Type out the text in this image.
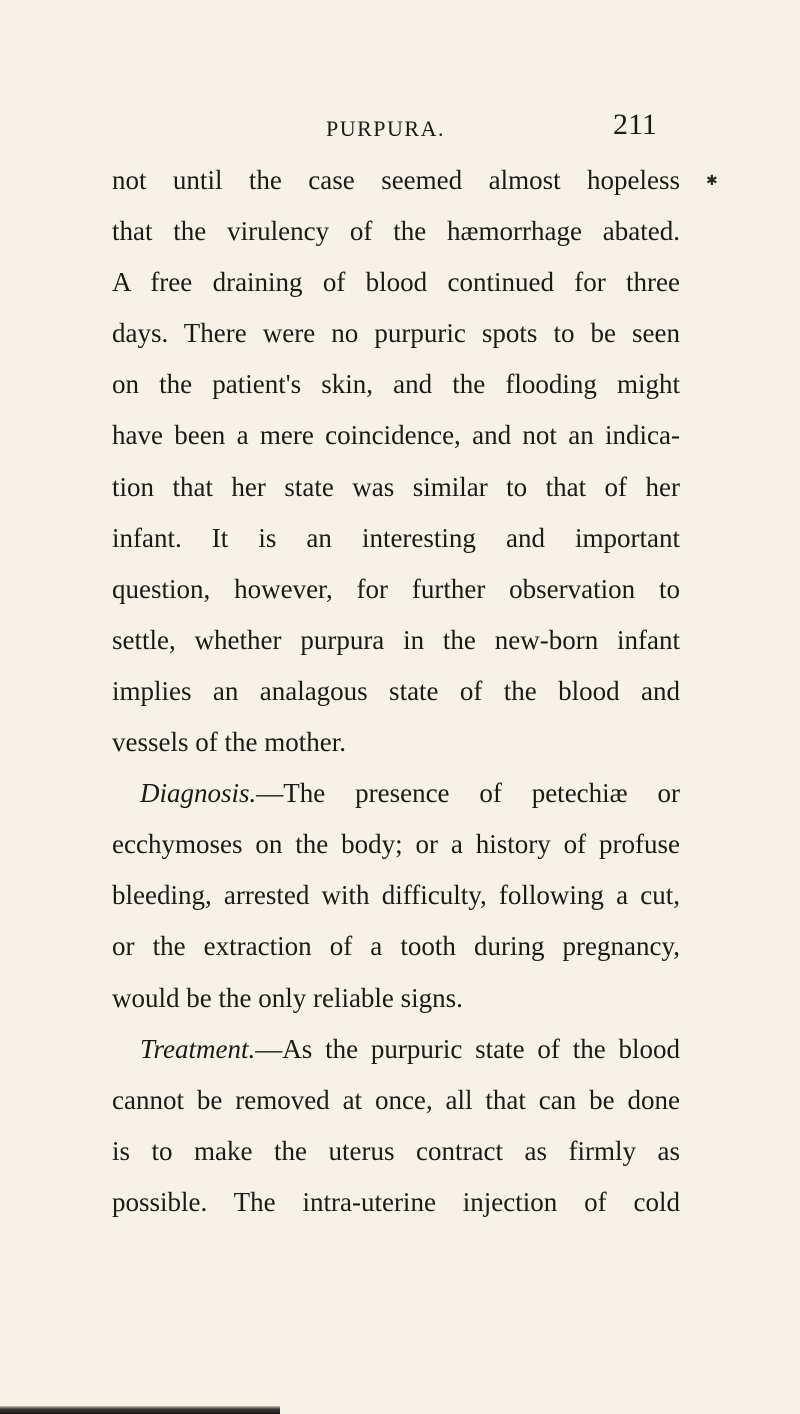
PURPURA.	211
✱
not until the case seemed almost hopeless
that the virulency of the hæmorrhage abated.
A free draining of blood continued for three
days. There were no purpuric spots to be seen
on the patient's skin, and the flooding might
have been a mere coincidence, and not an indica-
tion that her state was similar to that of her
infant. It is an interesting and important
question, however, for further observation to
settle, whether purpura in the new-born infant
implies an analagous state of the blood and
vessels of the mother.
Diagnosis.—The presence of petechiæ or
ecchymoses on the body; or a history of profuse
bleeding, arrested with difficulty, following a cut,
or the extraction of a tooth during pregnancy,
would be the only reliable signs.
Treatment.—As the purpuric state of the blood
cannot be removed at once, all that can be done
is to make the uterus contract as firmly as
possible. The intra-uterine injection of cold
